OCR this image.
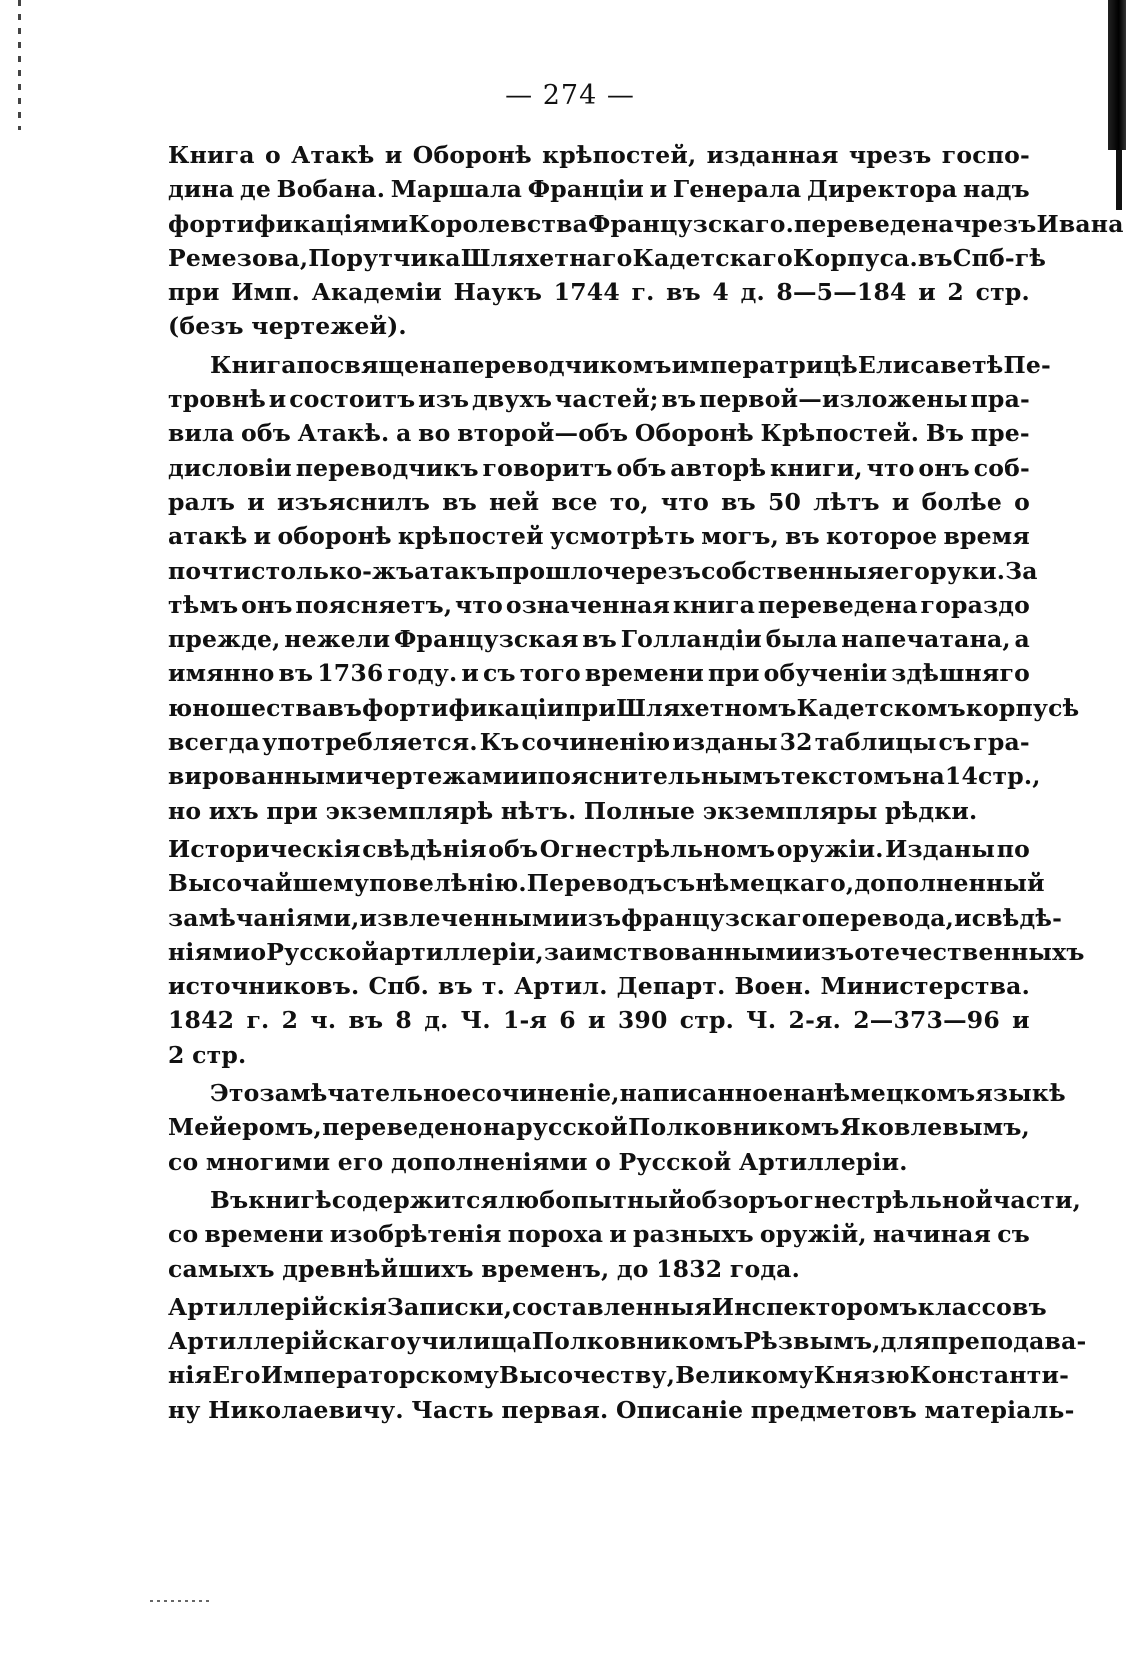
— 274 —
Книга о Атакѣ и Оборонѣ крѣпостей, изданная чрезъ госпо-
дина де Вобана. Маршала Франціи и Генерала Директора надъ
фортификаціями Королевства Французскаго. переведена чрезъ Ивана
Ремезова, Порутчика Шляхетнаго Кадетскаго Корпуса. въ Спб-гѣ
при Имп. Академіи Наукъ 1744 г. въ 4 д. 8—5—184 и 2 стр.
(безъ чертежей).
Книга посвящена переводчикомъ императрицѣ Елисаветѣ Пе-
тровнѣ и состоитъ изъ двухъ частей; въ первой—изложены пра-
вила объ Атакѣ. а во второй—объ Оборонѣ Крѣпостей. Въ пре-
дисловіи переводчикъ говоритъ объ авторѣ книги, что онъ соб-
ралъ и изъяснилъ въ ней все то, что въ 50 лѣтъ и болѣе о
атакѣ и оборонѣ крѣпостей усмотрѣть могъ, въ которое время
почти столько-жъ атакъ прошло черезъ собственныя его руки. За
тѣмъ онъ поясняетъ, что означенная книга переведена гораздо
прежде, нежели Французская въ Голландіи была напечатана, а
имянно въ 1736 году. и съ того времени при обученіи здѣшняго
юношества въ фортификаціи при Шляхетномъ Кадетскомъ корпусѣ
всегда употребляется. Къ сочиненію изданы 32 таблицы съ гра-
вированными чертежами и пояснительнымъ текстомъ на 14 стр.,
но ихъ при экземплярѣ нѣтъ. Полные экземпляры рѣдки.
Историческія свѣдѣнія объ Огнестрѣльномъ оружіи. Изданы по
Высочайшему повелѣнію. Переводъ съ нѣмецкаго, дополненный
замѣчаніями, извлеченными изъ французскаго перевода, и свѣдѣ-
ніями о Русской артиллеріи, заимствованными изъ отечественныхъ
источниковъ. Спб. въ т. Артил. Департ. Воен. Министерства.
1842 г. 2 ч. въ 8 д. Ч. 1-я 6 и 390 стр. Ч. 2-я. 2—373—96 и
2 стр.
Это замѣчательное сочиненіе, написанное на нѣмецкомъ языкѣ
Мейеромъ, переведено на русской Полковникомъ Яковлевымъ,
со многими его дополненіями о Русской Артиллеріи.
Въ книгѣ содержится любопытный обзоръ огнестрѣльной части,
со времени изобрѣтенія пороха и разныхъ оружій, начиная съ
самыхъ древнѣйшихъ временъ, до 1832 года.
Артиллерійскія Записки, составленныя Инспекторомъ классовъ
Артиллерійскаго училища Полковникомъ Рѣзвымъ, для преподава-
нія Его Императорскому Высочеству, Великому Князю Константи-
ну Николаевичу. Часть первая. Описаніе предметовъ матеріаль-
